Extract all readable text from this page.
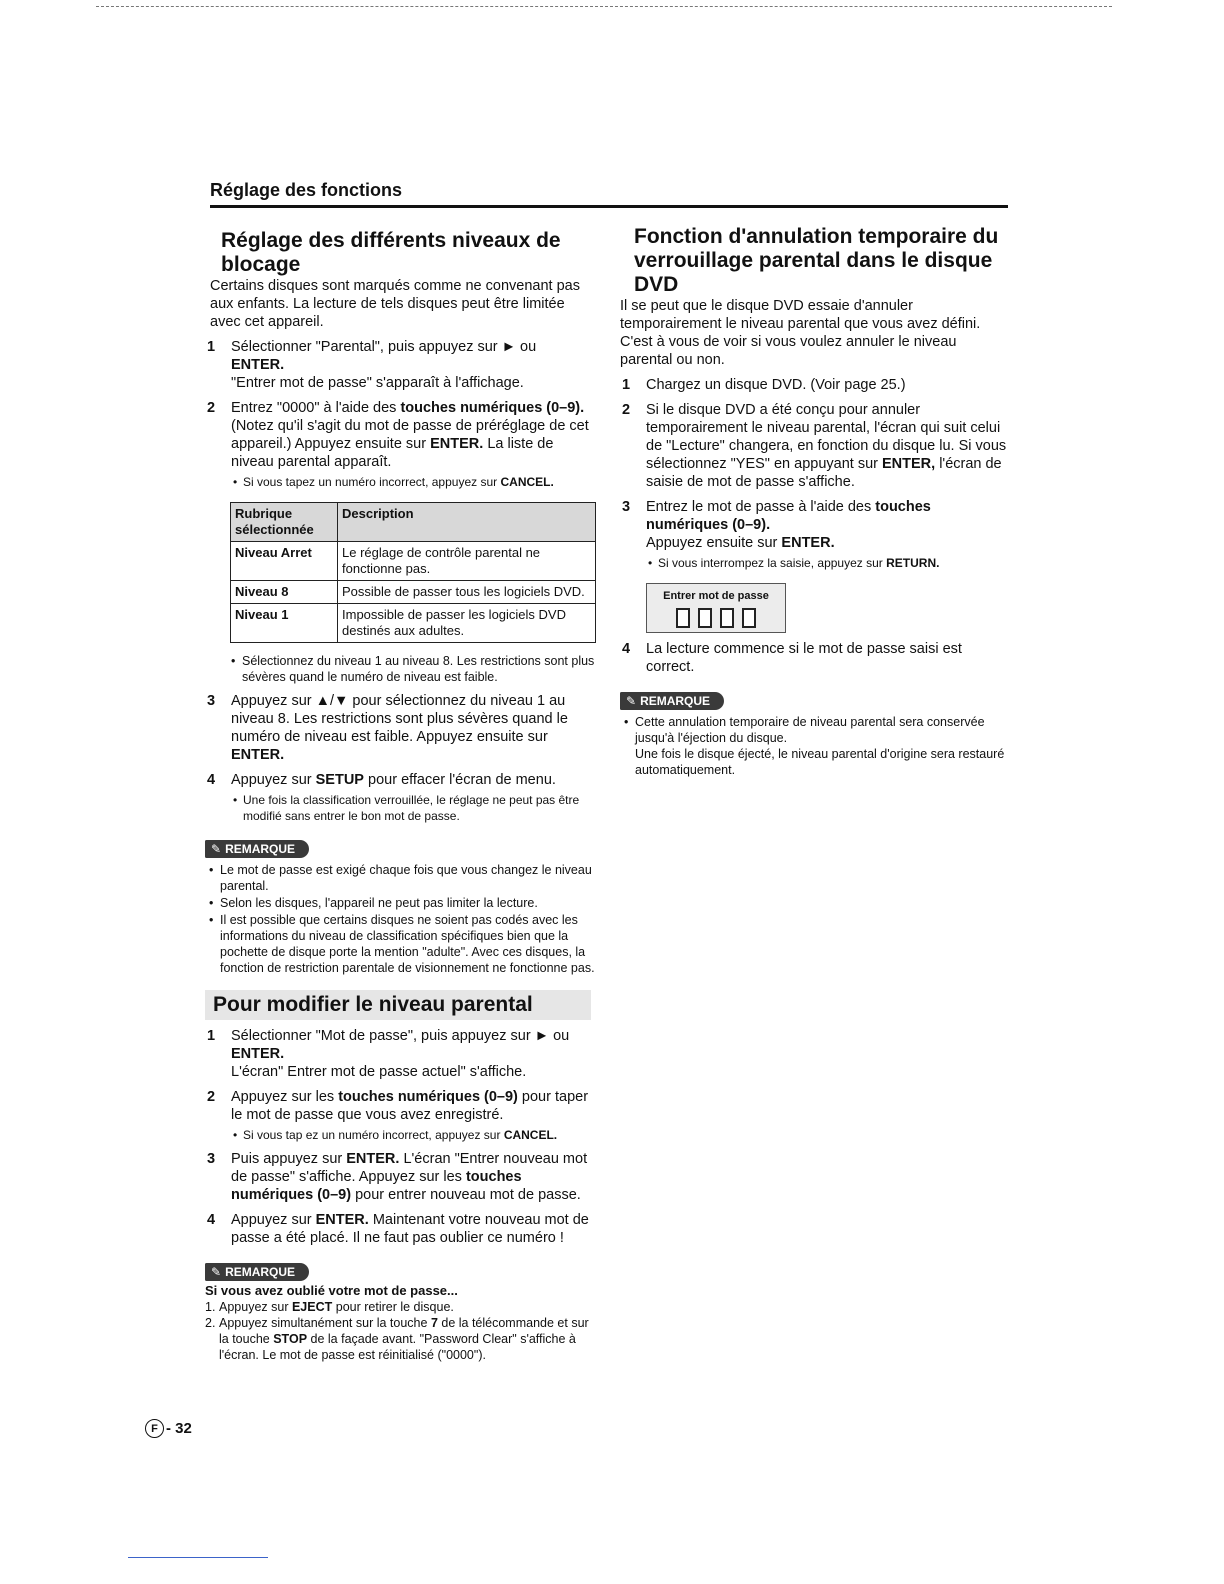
Réglage des fonctions
Réglage des différents niveaux de blocage

Certains disques sont marqués comme ne convenant pas aux enfants. La lecture de tels disques peut être limitée avec cet appareil.

1 Sélectionner "Parental", puis appuyez sur ► ou
ENTER.
"Entrer mot de passe" s'apparaît à l'affichage.
2 Entrez "0000" à l'aide des touches numériques (0–9). (Notez qu'il s'agit du mot de passe de préréglage de cet appareil.) Appuyez ensuite sur ENTER. La liste de niveau parental apparaît.
• Si vous tapez un numéro incorrect, appuyez sur CANCEL.
Rubrique sélectionnée	Description
Niveau Arret	Le réglage de contrôle parental ne fonctionne pas.
Niveau 8	Possible de passer tous les logiciels DVD.
Niveau 1	Impossible de passer les logiciels DVD destinés aux adultes.
• Sélectionnez du niveau 1 au niveau 8. Les restrictions sont plus sévères quand le numéro de niveau est faible.
3 Appuyez sur ▲/▼ pour sélectionnez du niveau 1 au niveau 8. Les restrictions sont plus sévères quand le numéro de niveau est faible. Appuyez ensuite sur ENTER.
4 Appuyez sur SETUP pour effacer l'écran de menu.
• Une fois la classification verrouillée, le réglage ne peut pas être modifié sans entrer le bon mot de passe.
✎ REMARQUE
• Le mot de passe est exigé chaque fois que vous changez le niveau parental.
• Selon les disques, l'appareil ne peut pas limiter la lecture.
• Il est possible que certains disques ne soient pas codés avec les informations du niveau de classification spécifiques bien que la pochette de disque porte la mention "adulte". Avec ces disques, la fonction de restriction parentale de visionnement ne fonctionne pas.
Pour modifier le niveau parental
1 Sélectionner "Mot de passe", puis appuyez sur ► ou ENTER.
L'écran" Entrer mot de passe actuel" s'affiche.
2 Appuyez sur les touches numériques (0–9) pour taper le mot de passe que vous avez enregistré.
• Si vous tap ez un numéro incorrect, appuyez sur CANCEL.
3 Puis appuyez sur ENTER. L'écran "Entrer nouveau mot de passe" s'affiche. Appuyez sur les touches numériques (0–9) pour entrer nouveau mot de passe.
4 Appuyez sur ENTER. Maintenant votre nouveau mot de passe a été placé. Il ne faut pas oublier ce numéro !
✎ REMARQUE
Si vous avez oublié votre mot de passe...
1. Appuyez sur EJECT pour retirer le disque.
2. Appuyez simultanément sur la touche 7 de la télécommande et sur la touche STOP de la façade avant. "Password Clear" s'affiche à l'écran. Le mot de passe est réinitialisé ("0000").
Fonction d'annulation temporaire du verrouillage parental dans le disque DVD

Il se peut que le disque DVD essaie d'annuler temporairement le niveau parental que vous avez défini. C'est à vous de voir si vous voulez annuler le niveau parental ou non.

1 Chargez un disque DVD. (Voir page 25.)
2 Si le disque DVD a été conçu pour annuler temporairement le niveau parental, l'écran qui suit celui de "Lecture" changera, en fonction du disque lu. Si vous sélectionnez "YES" en appuyant sur ENTER, l'écran de saisie de mot de passe s'affiche.
3 Entrez le mot de passe à l'aide des touches numériques (0–9).
Appuyez ensuite sur ENTER.
• Si vous interrompez la saisie, appuyez sur RETURN.
Entrer mot de passe
4 La lecture commence si le mot de passe saisi est correct.
✎ REMARQUE
• Cette annulation temporaire de niveau parental sera conservée jusqu'à l'éjection du disque.
Une fois le disque éjecté, le niveau parental d'origine sera restauré automatiquement.
F - 32
